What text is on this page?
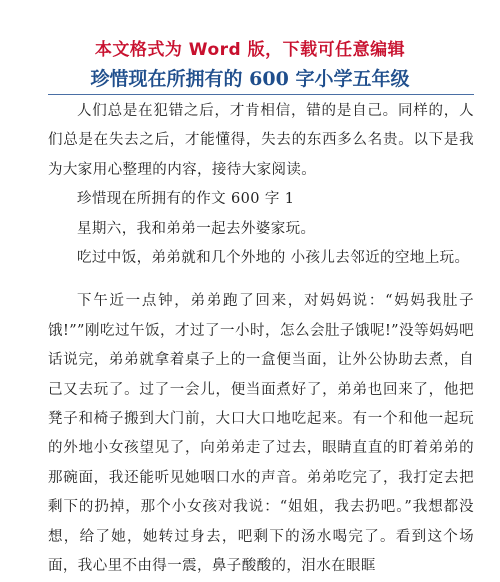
本文格式为 Word 版，下载可任意编辑
珍惜现在所拥有的 600 字小学五年级

人们总是在犯错之后，才肯相信，错的是自己。同样的，人们总是在失去之后，才能懂得，失去的东西多么名贵。以下是我为大家用心整理的内容，接待大家阅读。

珍惜现在所拥有的作文 600 字 1

星期六，我和弟弟一起去外婆家玩。

吃过中饭，弟弟就和几个外地的 小孩儿去邻近的空地上玩。

下午近一点钟，弟弟跑了回来，对妈妈说：“妈妈我肚子饿!””刚吃过午饭，才过了一小时，怎么会肚子饿呢!”没等妈妈吧话说完，弟弟就拿着桌子上的一盒便当面，让外公协助去煮，自己又去玩了。过了一会儿，便当面煮好了，弟弟也回来了，他把凳子和椅子搬到大门前，大口大口地吃起来。有一个和他一起玩的外地小女孩望见了，向弟弟走了过去，眼睛直直的盯着弟弟的那碗面，我还能听见她咽口水的声音。弟弟吃完了，我打定去把剩下的扔掉，那个小女孩对我说：“姐姐，我去扔吧。”我想都没想，给了她，她转过身去，吧剩下的汤水喝完了。看到这个场面，我心里不由得一震，鼻子酸酸的，泪水在眼眶
